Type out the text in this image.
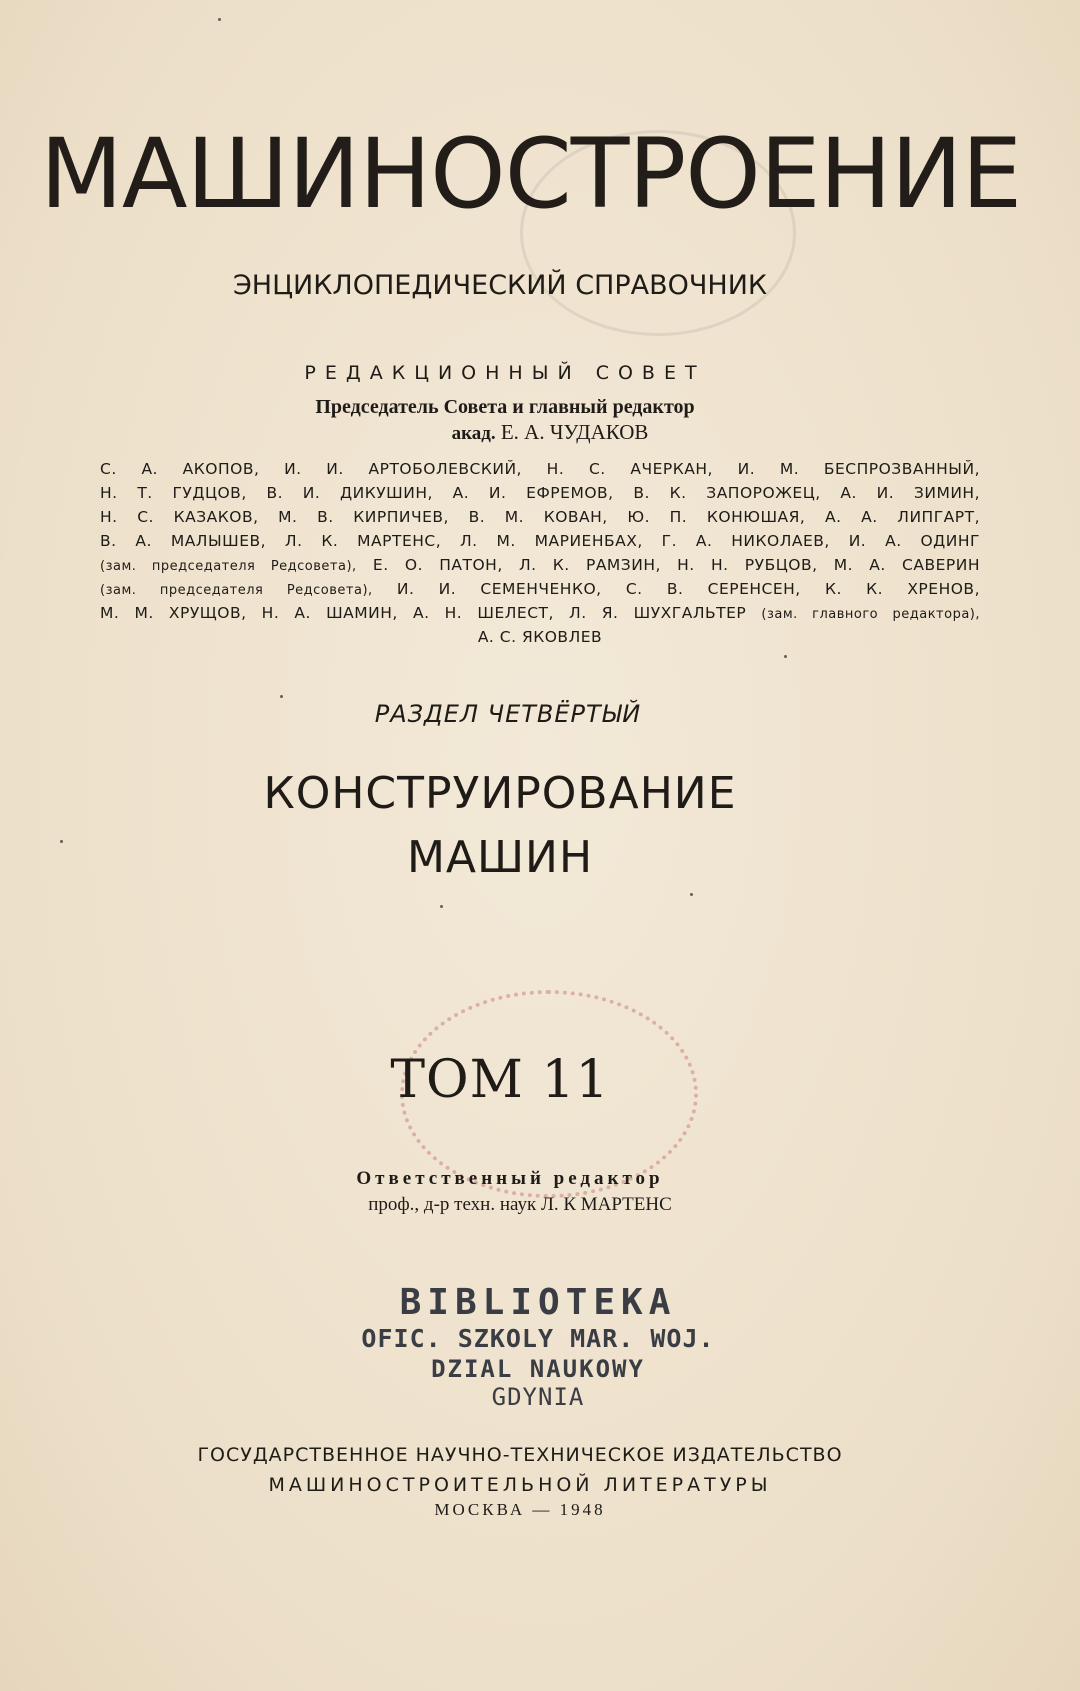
МАШИНОСТРОЕНИЕ
ЭНЦИКЛОПЕДИЧЕСКИЙ СПРАВОЧНИК
РЕДАКЦИОННЫЙ СОВЕТ
Председатель Совета и главный редактор
акад. Е. А. ЧУДАКОВ
С. А. АКОПОВ, И. И. АРТОБОЛЕВСКИЙ, Н. С. АЧЕРКАН, И. М. БЕСПРОЗВАННЫЙ,
Н. Т. ГУДЦОВ, В. И. ДИКУШИН, А. И. ЕФРЕМОВ, В. К. ЗАПОРОЖЕЦ, А. И. ЗИМИН,
Н. С. КАЗАКОВ, М. В. КИРПИЧЕВ, В. М. КОВАН, Ю. П. КОНЮШАЯ, А. А. ЛИПГАРТ,
В. А. МАЛЫШЕВ, Л. К. МАРТЕНС, Л. М. МАРИЕНБАХ, Г. А. НИКОЛАЕВ, И. А. ОДИНГ
(зам. председателя Редсовета), Е. О. ПАТОН, Л. К. РАМЗИН, Н. Н. РУБЦОВ, М. А. САВЕРИН
(зам. председателя Редсовета), И. И. СЕМЕНЧЕНКО, С. В. СЕРЕНСЕН, К. К. ХРЕНОВ,
М. М. ХРУЩОВ, Н. А. ШАМИН, А. Н. ШЕЛЕСТ, Л. Я. ШУХГАЛЬТЕР (зам. главного редактора),
А. С. ЯКОВЛЕВ
РАЗДЕЛ ЧЕТВЁРТЫЙ
КОНСТРУИРОВАНИЕ
МАШИН
ТОМ 11
Ответственный редактор
проф., д-р техн. наук Л. К МАРТЕНС
BIBLIOTEKA
OFIC. SZKOLY MAR. WOJ.
DZIAL NAUKOWY
GDYNIA
ГОСУДАРСТВЕННОЕ НАУЧНО-ТЕХНИЧЕСКОЕ ИЗДАТЕЛЬСТВО
МАШИНОСТРОИТЕЛЬНОЙ ЛИТЕРАТУРЫ
МОСКВА — 1948
